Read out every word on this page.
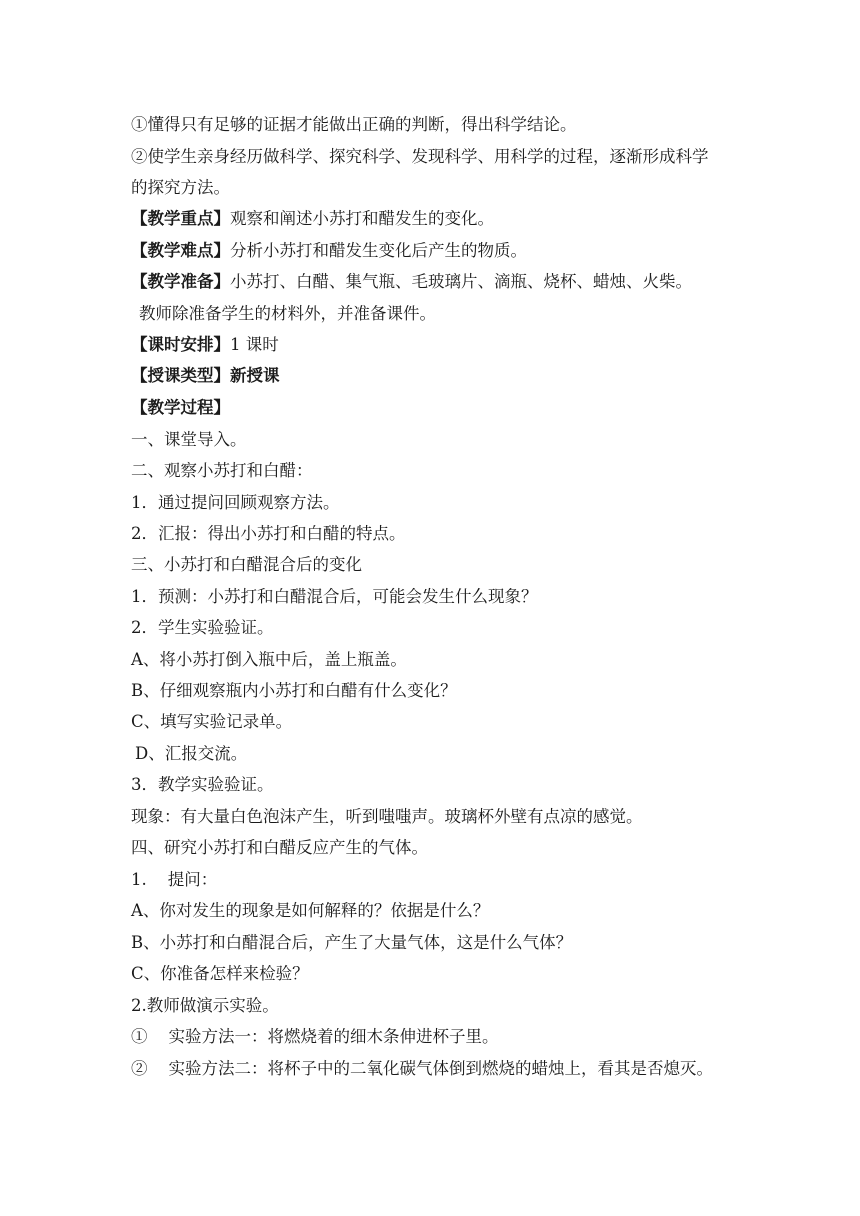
①懂得只有足够的证据才能做出正确的判断，得出科学结论。
②使学生亲身经历做科学、探究科学、发现科学、用科学的过程，逐渐形成科学
的探究方法。
【教学重点】观察和阐述小苏打和醋发生的变化。
【教学难点】分析小苏打和醋发生变化后产生的物质。
【教学准备】小苏打、白醋、集气瓶、毛玻璃片、滴瓶、烧杯、蜡烛、火柴。
教师除准备学生的材料外，并准备课件。
【课时安排】1 课时
【授课类型】新授课
【教学过程】
一、课堂导入。
二、观察小苏打和白醋：
1．通过提问回顾观察方法。
2．汇报：得出小苏打和白醋的特点。
三、小苏打和白醋混合后的变化
1．预测：小苏打和白醋混合后，可能会发生什么现象？
2．学生实验验证。
A、将小苏打倒入瓶中后，盖上瓶盖。
B、仔细观察瓶内小苏打和白醋有什么变化？
C、填写实验记录单。
D、汇报交流。
3．教学实验验证。
现象：有大量白色泡沫产生，听到嗤嗤声。玻璃杯外壁有点凉的感觉。
四、研究小苏打和白醋反应产生的气体。
1.    提问：
A、你对发生的现象是如何解释的？依据是什么？
B、小苏打和白醋混合后，产生了大量气体，这是什么气体？
C、你准备怎样来检验？
2.教师做演示实验。
①    实验方法一：将燃烧着的细木条伸进杯子里。
②    实验方法二：将杯子中的二氧化碳气体倒到燃烧的蜡烛上，看其是否熄灭。
